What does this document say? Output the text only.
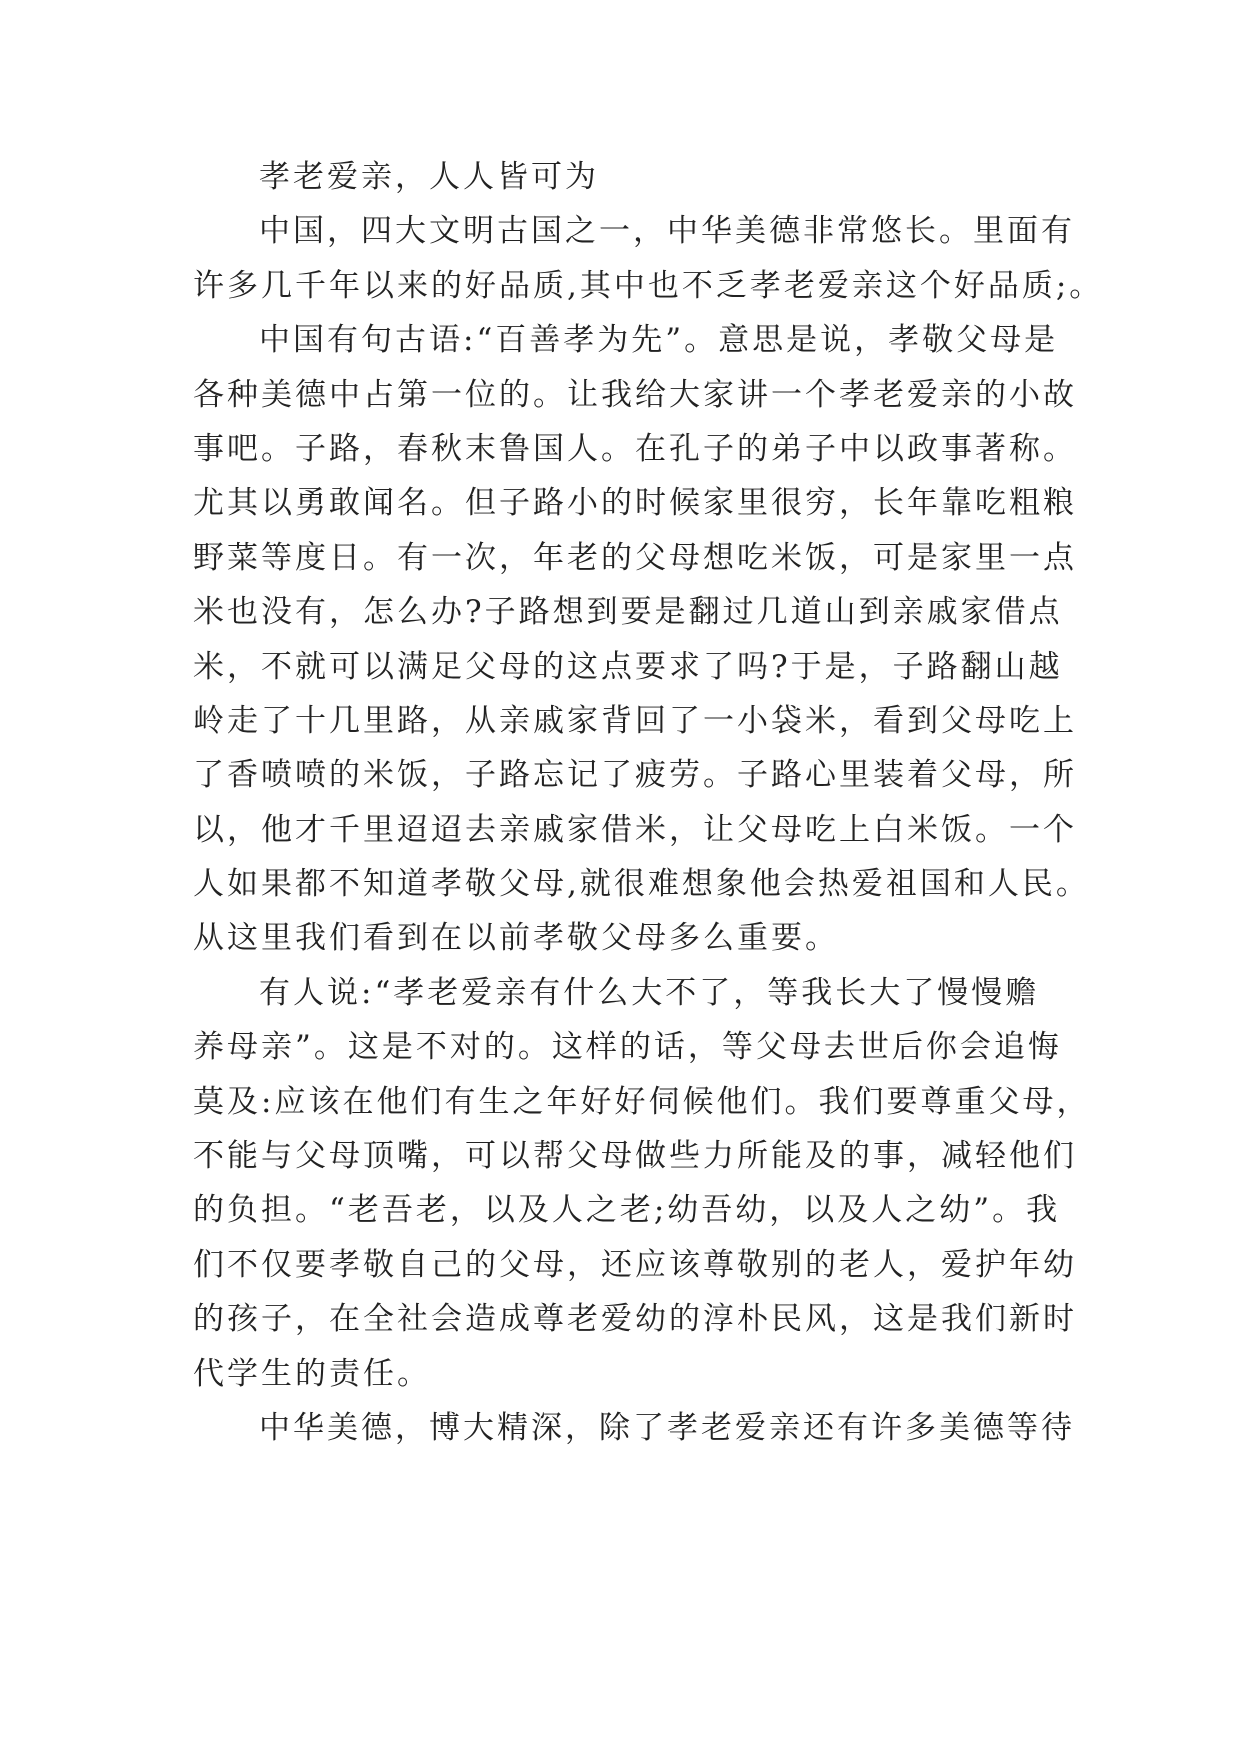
孝老爱亲，人人皆可为
中国，四大文明古国之一，中华美德非常悠长。里面有
许多几千年以来的好品质,其中也不乏孝老爱亲这个好品质;。
中国有句古语:“百善孝为先”。意思是说，孝敬父母是
各种美德中占第一位的。让我给大家讲一个孝老爱亲的小故
事吧。子路，春秋末鲁国人。在孔子的弟子中以政事著称。
尤其以勇敢闻名。但子路小的时候家里很穷，长年靠吃粗粮
野菜等度日。有一次，年老的父母想吃米饭，可是家里一点
米也没有，怎么办?子路想到要是翻过几道山到亲戚家借点
米，不就可以满足父母的这点要求了吗?于是，子路翻山越
岭走了十几里路，从亲戚家背回了一小袋米，看到父母吃上
了香喷喷的米饭，子路忘记了疲劳。子路心里装着父母，所
以，他才千里迢迢去亲戚家借米，让父母吃上白米饭。一个
人如果都不知道孝敬父母,就很难想象他会热爱祖国和人民。
从这里我们看到在以前孝敬父母多么重要。
有人说:“孝老爱亲有什么大不了，等我长大了慢慢赡
养母亲”。这是不对的。这样的话，等父母去世后你会追悔
莫及:应该在他们有生之年好好伺候他们。我们要尊重父母，
不能与父母顶嘴，可以帮父母做些力所能及的事，减轻他们
的负担。“老吾老，以及人之老;幼吾幼，以及人之幼”。我
们不仅要孝敬自己的父母，还应该尊敬别的老人，爱护年幼
的孩子，在全社会造成尊老爱幼的淳朴民风，这是我们新时
代学生的责任。
中华美德，博大精深，除了孝老爱亲还有许多美德等待
